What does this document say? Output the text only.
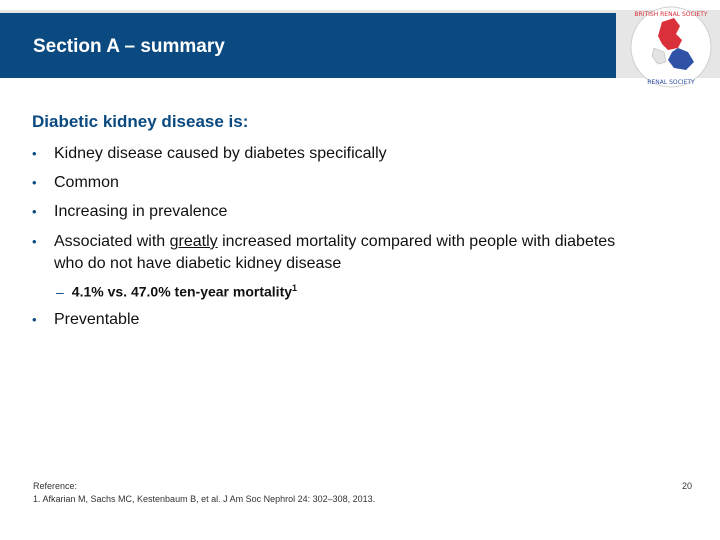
Section A – summary
BRITISH RENAL SOCIETY
RENAL SOCIETY
Diabetic kidney disease is:
• Kidney disease caused by diabetes specifically
• Common
• Increasing in prevalence
• Associated with greatly increased mortality compared with people with diabetes
who do not have diabetic kidney disease
– 4.1% vs. 47.0% ten-year mortality$^1$
• Preventable
Reference:
1. Afkarian M, Sachs MC, Kestenbaum B, et al. J Am Soc Nephrol 24: 302–308, 2013.
20
